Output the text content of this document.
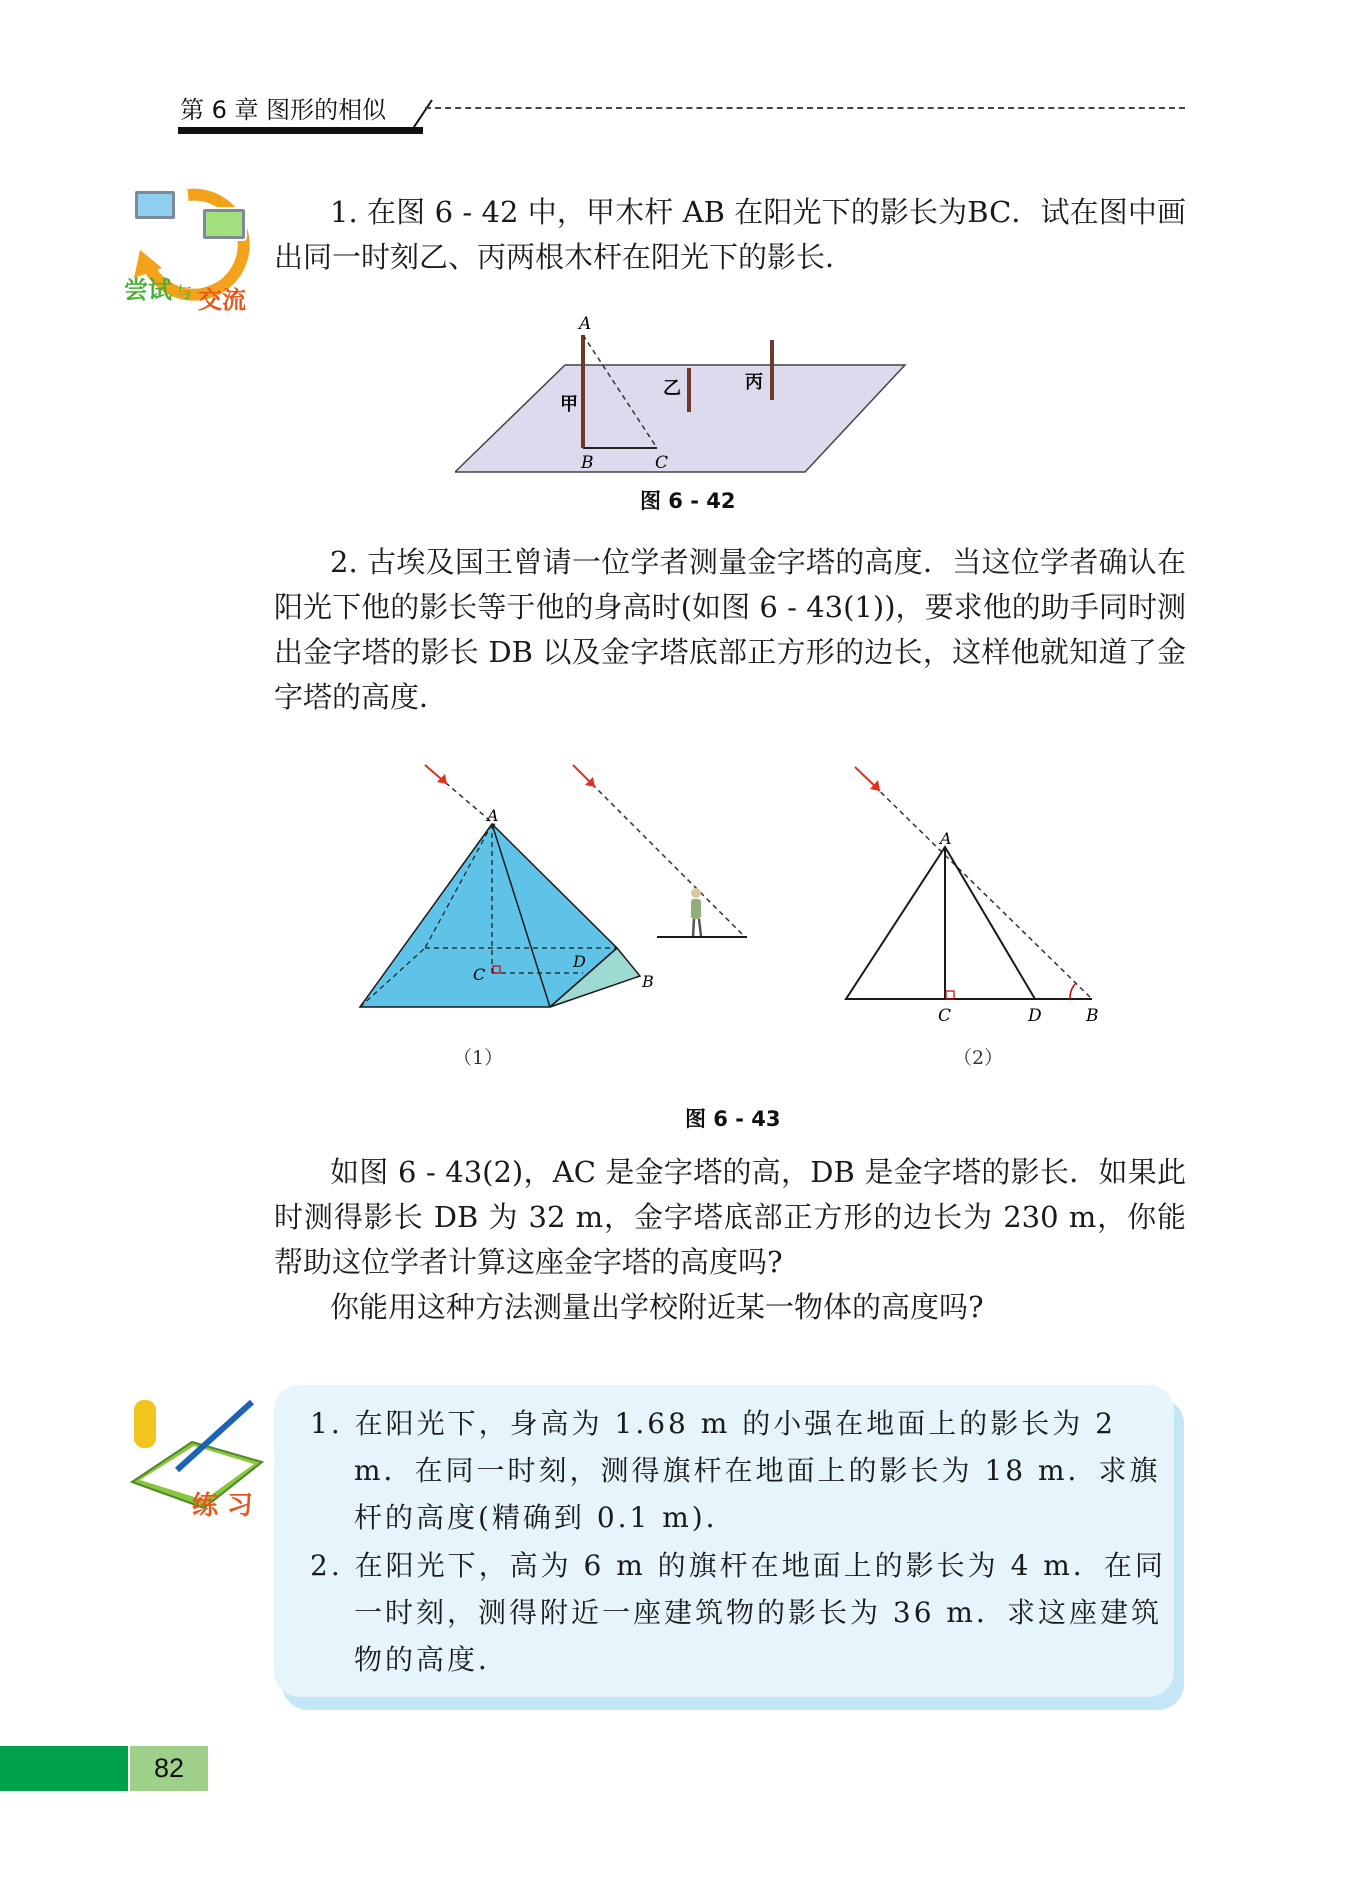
第 6 章 图形的相似
尝试 与 交流
1. 在图 6 - 42 中，甲木杆 AB 在阳光下的影长为BC．试在图中画出同一时刻乙、丙两根木杆在阳光下的影长．
A
B	C
甲
乙	丙
图 6 - 42
2. 古埃及国王曾请一位学者测量金字塔的高度．当这位学者确认在阳光下他的影长等于他的身高时(如图 6 - 43(1))，要求他的助手同时测出金字塔的影长 DB 以及金字塔底部正方形的边长，这样他就知道了金字塔的高度．
A
C
D
B
（1）
A
C	D	B
（2）
图 6 - 43
如图 6 - 43(2)，AC 是金字塔的高，DB 是金字塔的影长．如果此时测得影长 DB 为 32 m，金字塔底部正方形的边长为 230 m，你能帮助这位学者计算这座金字塔的高度吗?
你能用这种方法测量出学校附近某一物体的高度吗?
练 习
1. 在阳光下，身高为 1.68 m 的小强在地面上的影长为 2 m．在同一时刻，测得旗杆在地面上的影长为 18 m．求旗杆的高度(精确到 0.1 m)．
2. 在阳光下，高为 6 m 的旗杆在地面上的影长为 4 m．在同一时刻，测得附近一座建筑物的影长为 36 m．求这座建筑物的高度．
82
